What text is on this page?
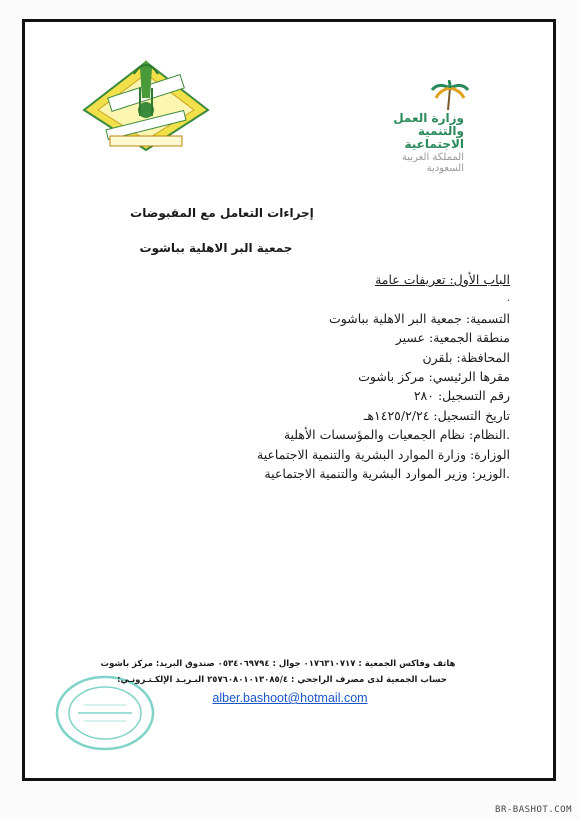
وزارة العمل
والتنمية الاجتماعية
المملكة العربية السعودية
إجراءات التعامل مع المقبوضات
جمعية البر الاهلية بباشوت
الباب الأول: تعريفات عامة
.
التسمية: جمعية البر الاهلية بباشوت
منطقة الجمعية: عسير
المحافظة: بلقرن
مقرها الرئيسي: مركز باشوت
رقم التسجيل: ٢٨٠
تاريخ التسجيل: ١٤٢٥/٢/٢٤هـ
.النظام: نظام الجمعيات والمؤسسات الأهلية
الوزارة: وزارة الموارد البشرية والتنمية الاجتماعية
.الوزير: وزير الموارد البشرية والتنمية الاجتماعية
هاتف وفاكس الجمعية : ٠١٧٦٣١٠٧١٧ جوال : ٠٥٣٤٠٦٩٧٩٤ صندوق البريد: مركز باشوت
حساب الجمعية لدى مصرف الراجحي : ٢٥٧٦٠٨٠١٠١٣٠٨٥/٤ البـريـد الإلكـتـرونـي:
alber.bashoot@hotmail.com
BR-BASHOT.COM
